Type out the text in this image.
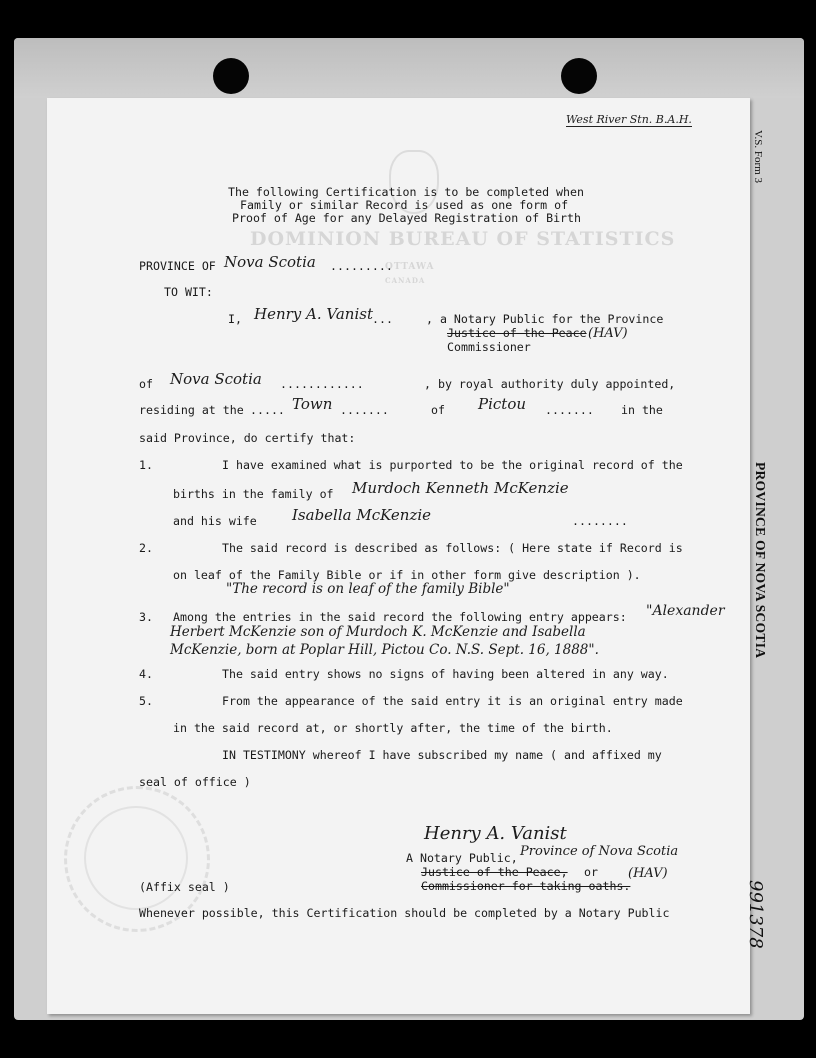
DOMINION BUREAU OF STATISTICS
OTTAWA
CANADA
West River Stn. B.A.H.
V.S. Form 3
PROVINCE OF NOVA SCOTIA
991378
The following Certification is to be completed when
Family or similar Record is used as one form of
Proof of Age for any Delayed Registration of Birth
PROVINCE OF Nova Scotia .........
TO WIT:
I, Henry A. Vanist ...	, a Notary Public for the Province
Justice of the Peace (HAV)
Commissioner
of Nova Scotia ............	, by royal authority duly appointed,
residing at the ..... Town .......	of Pictou ....... in the
said Province, do certify that:
1.	I have examined what is purported to be the original record of the
births in the family of Murdoch Kenneth McKenzie
and his wife Isabella McKenzie	........
2.	The said record is described as follows: ( Here state if Record is
on leaf of the Family Bible or if in other form give description ).
"The record is on leaf of the family Bible"
3. Among the entries in the said record the following entry appears: "Alexander
Herbert McKenzie son of Murdoch K. McKenzie and Isabella
McKenzie, born at Poplar Hill, Pictou Co. N.S. Sept. 16, 1888".
4.	The said entry shows no signs of having been altered in any way.
5.	From the appearance of the said entry it is an original entry made
in the said record at, or shortly after, the time of the birth.
IN TESTIMONY whereof I have subscribed my name ( and affixed my
seal of office )
Henry A. Vanist
A Notary Public, Province of Nova Scotia
Justice of the Peace, or
Commissioner for taking oaths.
(HAV)
(Affix seal )
Whenever possible, this Certification should be completed by a Notary Public
